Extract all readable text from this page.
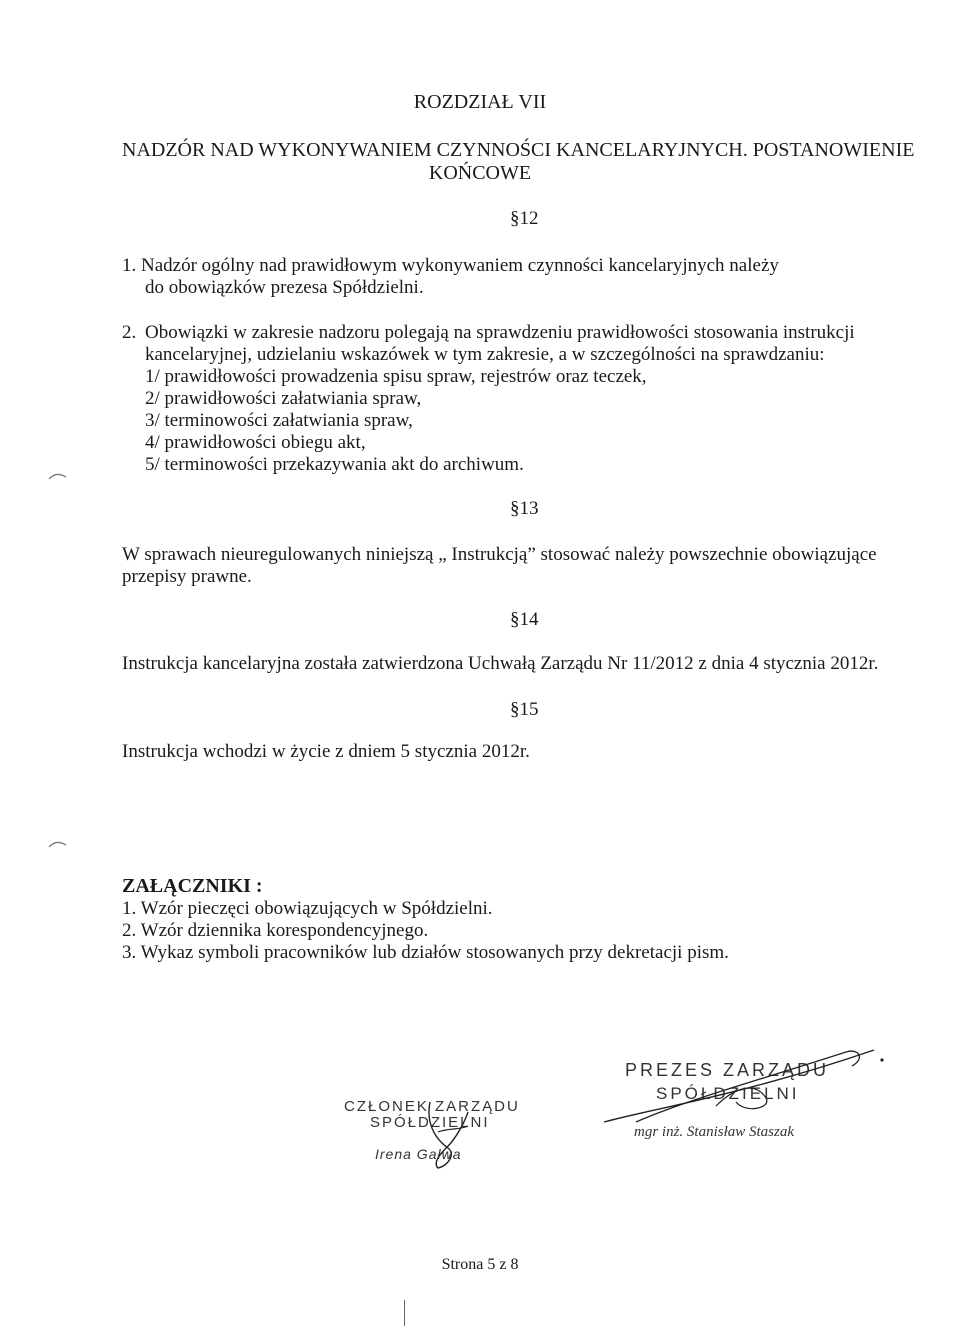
ROZDZIAŁ VII
NADZÓR NAD WYKONYWANIEM CZYNNOŚCI KANCELARYJNYCH. POSTANOWIENIE
KOŃCOWE
§12
1. Nadzór ogólny nad prawidłowym wykonywaniem czynności kancelaryjnych należy
do obowiązków prezesa Spółdzielni.
2. Obowiązki w zakresie nadzoru polegają na sprawdzeniu prawidłowości stosowania instrukcji
kancelaryjnej, udzielaniu wskazówek w tym zakresie, a w szczególności na sprawdzaniu:
1/ prawidłowości prowadzenia spisu spraw, rejestrów oraz teczek,
2/ prawidłowości załatwiania spraw,
3/ terminowości załatwiania spraw,
4/ prawidłowości obiegu akt,
5/ terminowości przekazywania akt do archiwum.
§13
W sprawach nieuregulowanych niniejszą „ Instrukcją” stosować należy powszechnie obowiązujące
przepisy prawne.
§14
Instrukcja kancelaryjna została zatwierdzona Uchwałą Zarządu Nr 11/2012 z dnia 4 stycznia 2012r.
§15
Instrukcja wchodzi w życie z dniem 5 stycznia 2012r.
ZAŁĄCZNIKI :
1. Wzór pieczęci obowiązujących w Spółdzielni.
2. Wzór dziennika korespondencyjnego.
3. Wykaz symboli pracowników lub działów stosowanych przy dekretacji pism.
CZŁONEK ZARZĄDU
SPÓŁDZIELNI
Irena Gałwa
PREZES ZARZĄDU
SPÓŁDZIELNI
mgr inż. Stanisław Staszak
Strona 5 z 8
